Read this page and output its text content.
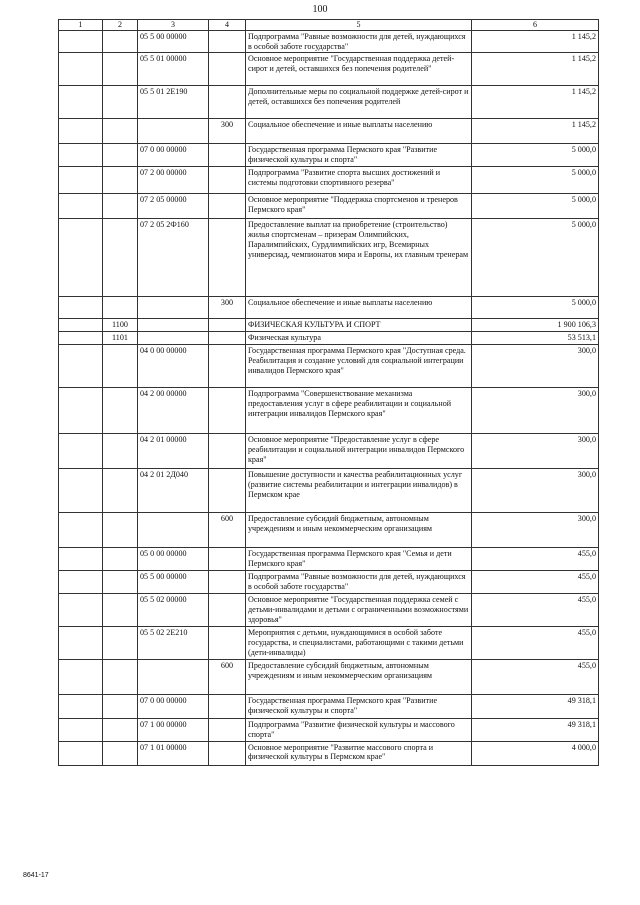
100
1	2	3	4	5	6
		05 5 00 00000		Подпрограмма "Равные возможности для детей, нуждающихся в особой заботе государства"	1 145,2
		05 5 01 00000		Основное мероприятие "Государственная поддержка детей-сирот и детей, оставшихся без попечения родителей"	1 145,2
		05 5 01 2Е190		Дополнительные меры по социальной поддержке детей-сирот и детей, оставшихся без попечения родителей	1 145,2
			300	Социальное обеспечение и иные выплаты населению	1 145,2
		07 0 00 00000		Государственная программа Пермского края "Развитие физической культуры и спорта"	5 000,0
		07 2 00 00000		Подпрограмма "Развитие спорта высших достижений и системы подготовки спортивного резерва"	5 000,0
		07 2 05 00000		Основное мероприятие "Поддержка спортсменов и тренеров Пермского края"	5 000,0
		07 2 05 2Ф160		Предоставление выплат на приобретение (строительство) жилья спортсменам – призерам Олимпийских, Паралимпийских, Сурдлимпийских игр, Всемирных универсиад, чемпионатов мира и Европы, их главным тренерам	5 000,0
			300	Социальное обеспечение и иные выплаты населению	5 000,0
	1100			ФИЗИЧЕСКАЯ КУЛЬТУРА И СПОРТ	1 900 106,3
	1101			Физическая культура	53 513,1
		04 0 00 00000		Государственная программа Пермского края "Доступная среда. Реабилитация и создание условий для социальной интеграции инвалидов Пермского края"	300,0
		04 2 00 00000		Подпрограмма "Совершенствование механизма предоставления услуг в сфере реабилитации и социальной интеграции инвалидов Пермского края"	300,0
		04 2 01 00000		Основное мероприятие "Предоставление услуг в сфере реабилитации и социальной интеграции инвалидов Пермского края"	300,0
		04 2 01 2Д040		Повышение доступности и качества реабилитационных услуг (развитие системы реабилитации и интеграции инвалидов) в Пермском крае	300,0
			600	Предоставление субсидий бюджетным, автономным учреждениям и иным некоммерческим организациям	300,0
		05 0 00 00000		Государственная программа Пермского края "Семья и дети Пермского края"	455,0
		05 5 00 00000		Подпрограмма "Равные возможности для детей, нуждающихся в особой заботе государства"	455,0
		05 5 02 00000		Основное мероприятие "Государственная поддержка семей с детьми-инвалидами и детьми с ограниченными возможностями здоровья"	455,0
		05 5 02 2Е210		Мероприятия с детьми, нуждающимися в особой заботе государства, и специалистами, работающими с такими детьми (дети-инвалиды)	455,0
			600	Предоставление субсидий бюджетным, автономным учреждениям и иным некоммерческим организациям	455,0
		07 0 00 00000		Государственная программа Пермского края "Развитие физической культуры и спорта"	49 318,1
		07 1 00 00000		Подпрограмма "Развитие физической культуры и массового спорта"	49 318,1
		07 1 01 00000		Основное мероприятие "Развитие массового спорта и физической культуры в Пермском крае"	4 000,0
8641-17
